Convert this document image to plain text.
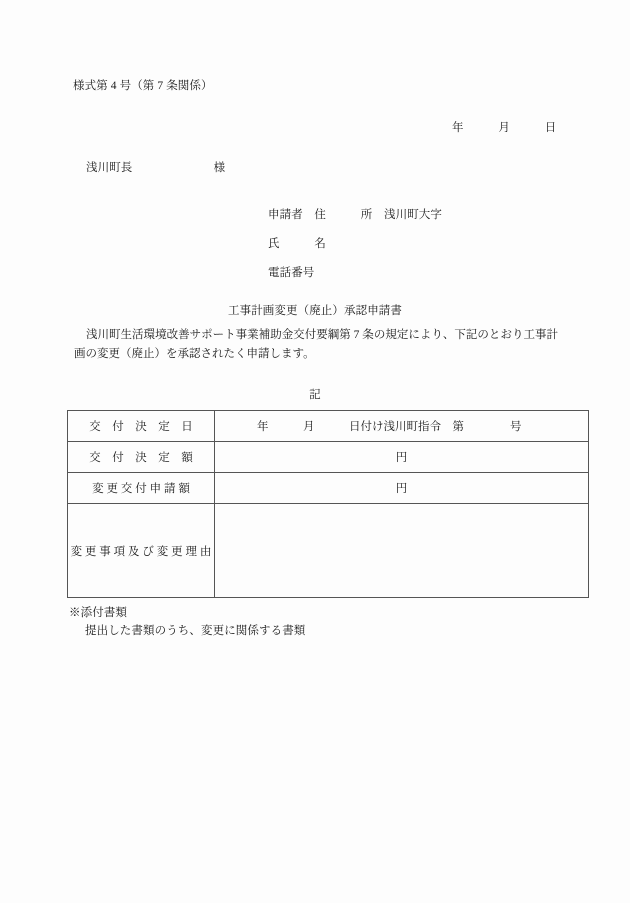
様式第 4 号（第 7 条関係）
年　　　月　　　日
浅川町長　　　　　　　様
申請者　住　　　所　浅川町大字
氏　　　名
電話番号
工事計画変更（廃止）承認申請書
浅川町生活環境改善サポート事業補助金交付要綱第 7 条の規定により、下記のとおり工事計画の変更（廃止）を承認されたく申請します。
記
交　付　決　定　日	年　　　月　　　日付け浅川町指令　第　　　　号
交　付　決　定　額	円
変 更 交 付 申 請 額	円
変 更 事 項 及 び 変 更 理 由	
※添付書類
提出した書類のうち、変更に関係する書類
